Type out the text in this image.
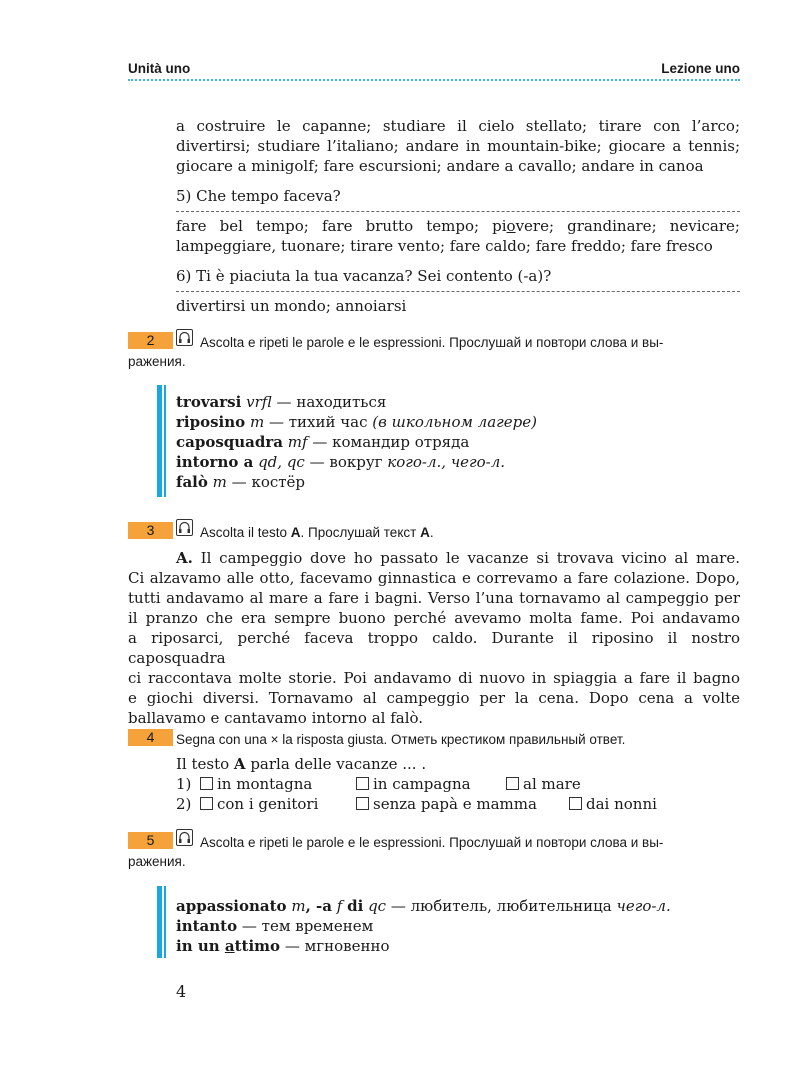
Unità uno	Lezione uno
a costruire le capanne; studiare il cielo stellato; tirare con l’arco;
divertirsi; studiare l’italiano; andare in mountain-bike; giocare a tennis;
giocare a minigolf; fare escursioni; andare a cavallo; andare in canoa
5) Che tempo faceva?
fare bel tempo; fare brutto tempo; piovere; grandinare; nevicare;
lampeggiare, tuonare; tirare vento; fare caldo; fare freddo; fare fresco
6) Ti è piaciuta la tua vacanza? Sei contento (-a)?
divertirsi un mondo; annoiarsi
2	Ascolta e ripeti le parole e le espressioni. Прослушай и повтори слова и вы-
ражения.
trovarsi vrfl — находиться
riposino m — тихий час (в школьном лагере)
caposquadra mf — командир отряда
intorno a qd, qc — вокруг кого-л., чего-л.
falò m — костёр
3	Ascolta il testo A. Прослушай текст A.
A. Il campeggio dove ho passato le vacanze si trovava vicino al mare.
Ci alzavamo alle otto, facevamo ginnastica e correvamo a fare colazione. Dopo,
tutti andavamo al mare a fare i bagni. Verso l’una tornavamo al campeggio per
il pranzo che era sempre buono perché avevamo molta fame. Poi andavamo
a riposarci, perché faceva troppo caldo. Durante il riposino il nostro caposquadra
ci raccontava molte storie. Poi andavamo di nuovo in spiaggia a fare il bagno
e giochi diversi. Tornavamo al campeggio per la cena. Dopo cena a volte
ballavamo e cantavamo intorno al falò.
4	Segna con una × la risposta giusta. Отметь крестиком правильный ответ.
Il testo A parla delle vacanze ... .
1)	in montagna	in campagna	al mare
2)	con i genitori	senza papà e mamma	dai nonni
5	Ascolta e ripeti le parole e le espressioni. Прослушай и повтори слова и вы-
ражения.
appassionato m, -a f di qc — любитель, любительница чего-л.
intanto — тем временем
in un attimo — мгновенно
4
